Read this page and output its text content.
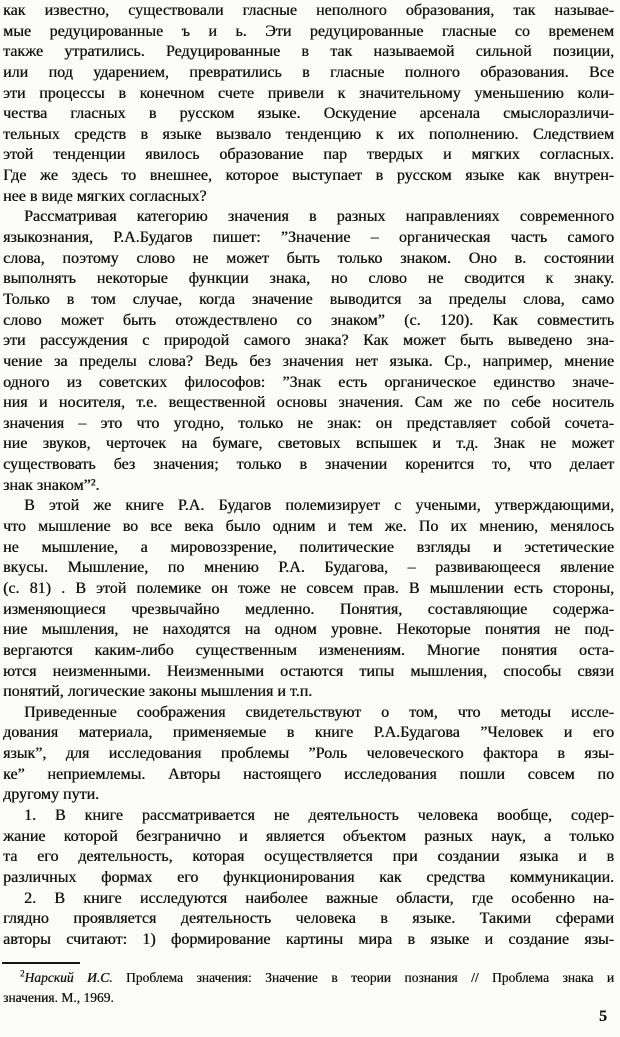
как известно, существовали гласные неполного образования, так называе-
мые редуцированные ъ и ь. Эти редуцированные гласные со временем
также утратились. Редуцированные в так называемой сильной позиции,
или под ударением, превратились в гласные полного образования. Все
эти процессы в конечном счете привели к значительному уменьшению коли-
чества гласных в русском языке. Оскудение арсенала смыслоразличи-
тельных средств в языке вызвало тенденцию к их пополнению. Следствием
этой тенденции явилось образование пар твердых и мягких согласных.
Где же здесь то внешнее, которое выступает в русском языке как внутрен-
нее в виде мягких согласных?
Рассматривая категорию значения в разных направлениях современного
языкознания, Р.А.Будагов пишет: ”Значение – органическая часть самого
слова, поэтому слово не может быть только знаком. Оно в. состоянии
выполнять некоторые функции знака, но слово не сводится к знаку.
Только в том случае, когда значение выводится за пределы слова, само
слово может быть отождествлено со знаком” (с. 120). Как совместить
эти рассуждения с природой самого знака? Как может быть выведено зна-
чение за пределы слова? Ведь без значения нет языка. Ср., например, мнение
одного из советских философов: ”Знак есть органическое единство значе-
ния и носителя, т.е. вещественной основы значения. Сам же по себе носитель
значения – это что угодно, только не знак: он представляет собой сочета-
ние звуков, черточек на бумаге, световых вспышек и т.д. Знак не может
существовать без значения; только в значении коренится то, что делает
знак знаком”².
В этой же книге Р.А. Будагов полемизирует с учеными, утверждающими,
что мышление во все века было одним и тем же. По их мнению, менялось
не мышление, а мировоззрение, политические взгляды и эстетические
вкусы. Мышление, по мнению Р.А. Будагова, – развивающееся явление
(с. 81) . В этой полемике он тоже не совсем прав. В мышлении есть стороны,
изменяющиеся чрезвычайно медленно. Понятия, составляющие содержа-
ние мышления, не находятся на одном уровне. Некоторые понятия не под-
вергаются каким-либо существенным изменениям. Многие понятия оста-
ются неизменными. Неизменными остаются типы мышления, способы связи
понятий, логические законы мышления и т.п.
Приведенные соображения свидетельствуют о том, что методы иссле-
дования материала, применяемые в книге Р.А.Будагова ”Человек и его
язык”, для исследования проблемы ”Роль человеческого фактора в язы-
ке” неприемлемы. Авторы настоящего исследования пошли совсем по
другому пути.
1. В книге рассматривается не деятельность человека вообще, содер-
жание которой безгранично и является объектом разных наук, а только
та его деятельность, которая осуществляется при создании языка и в
различных формах его функционирования как средства коммуникации.
2. В книге исследуются наиболее важные области, где особенно на-
глядно проявляется деятельность человека в языке. Такими сферами
авторы считают: 1) формирование картины мира в языке и создание язы-
$^2$Нарский И.С. Проблема значения: Значение в теории познания // Проблема знака и
значения. М., 1969.
5
